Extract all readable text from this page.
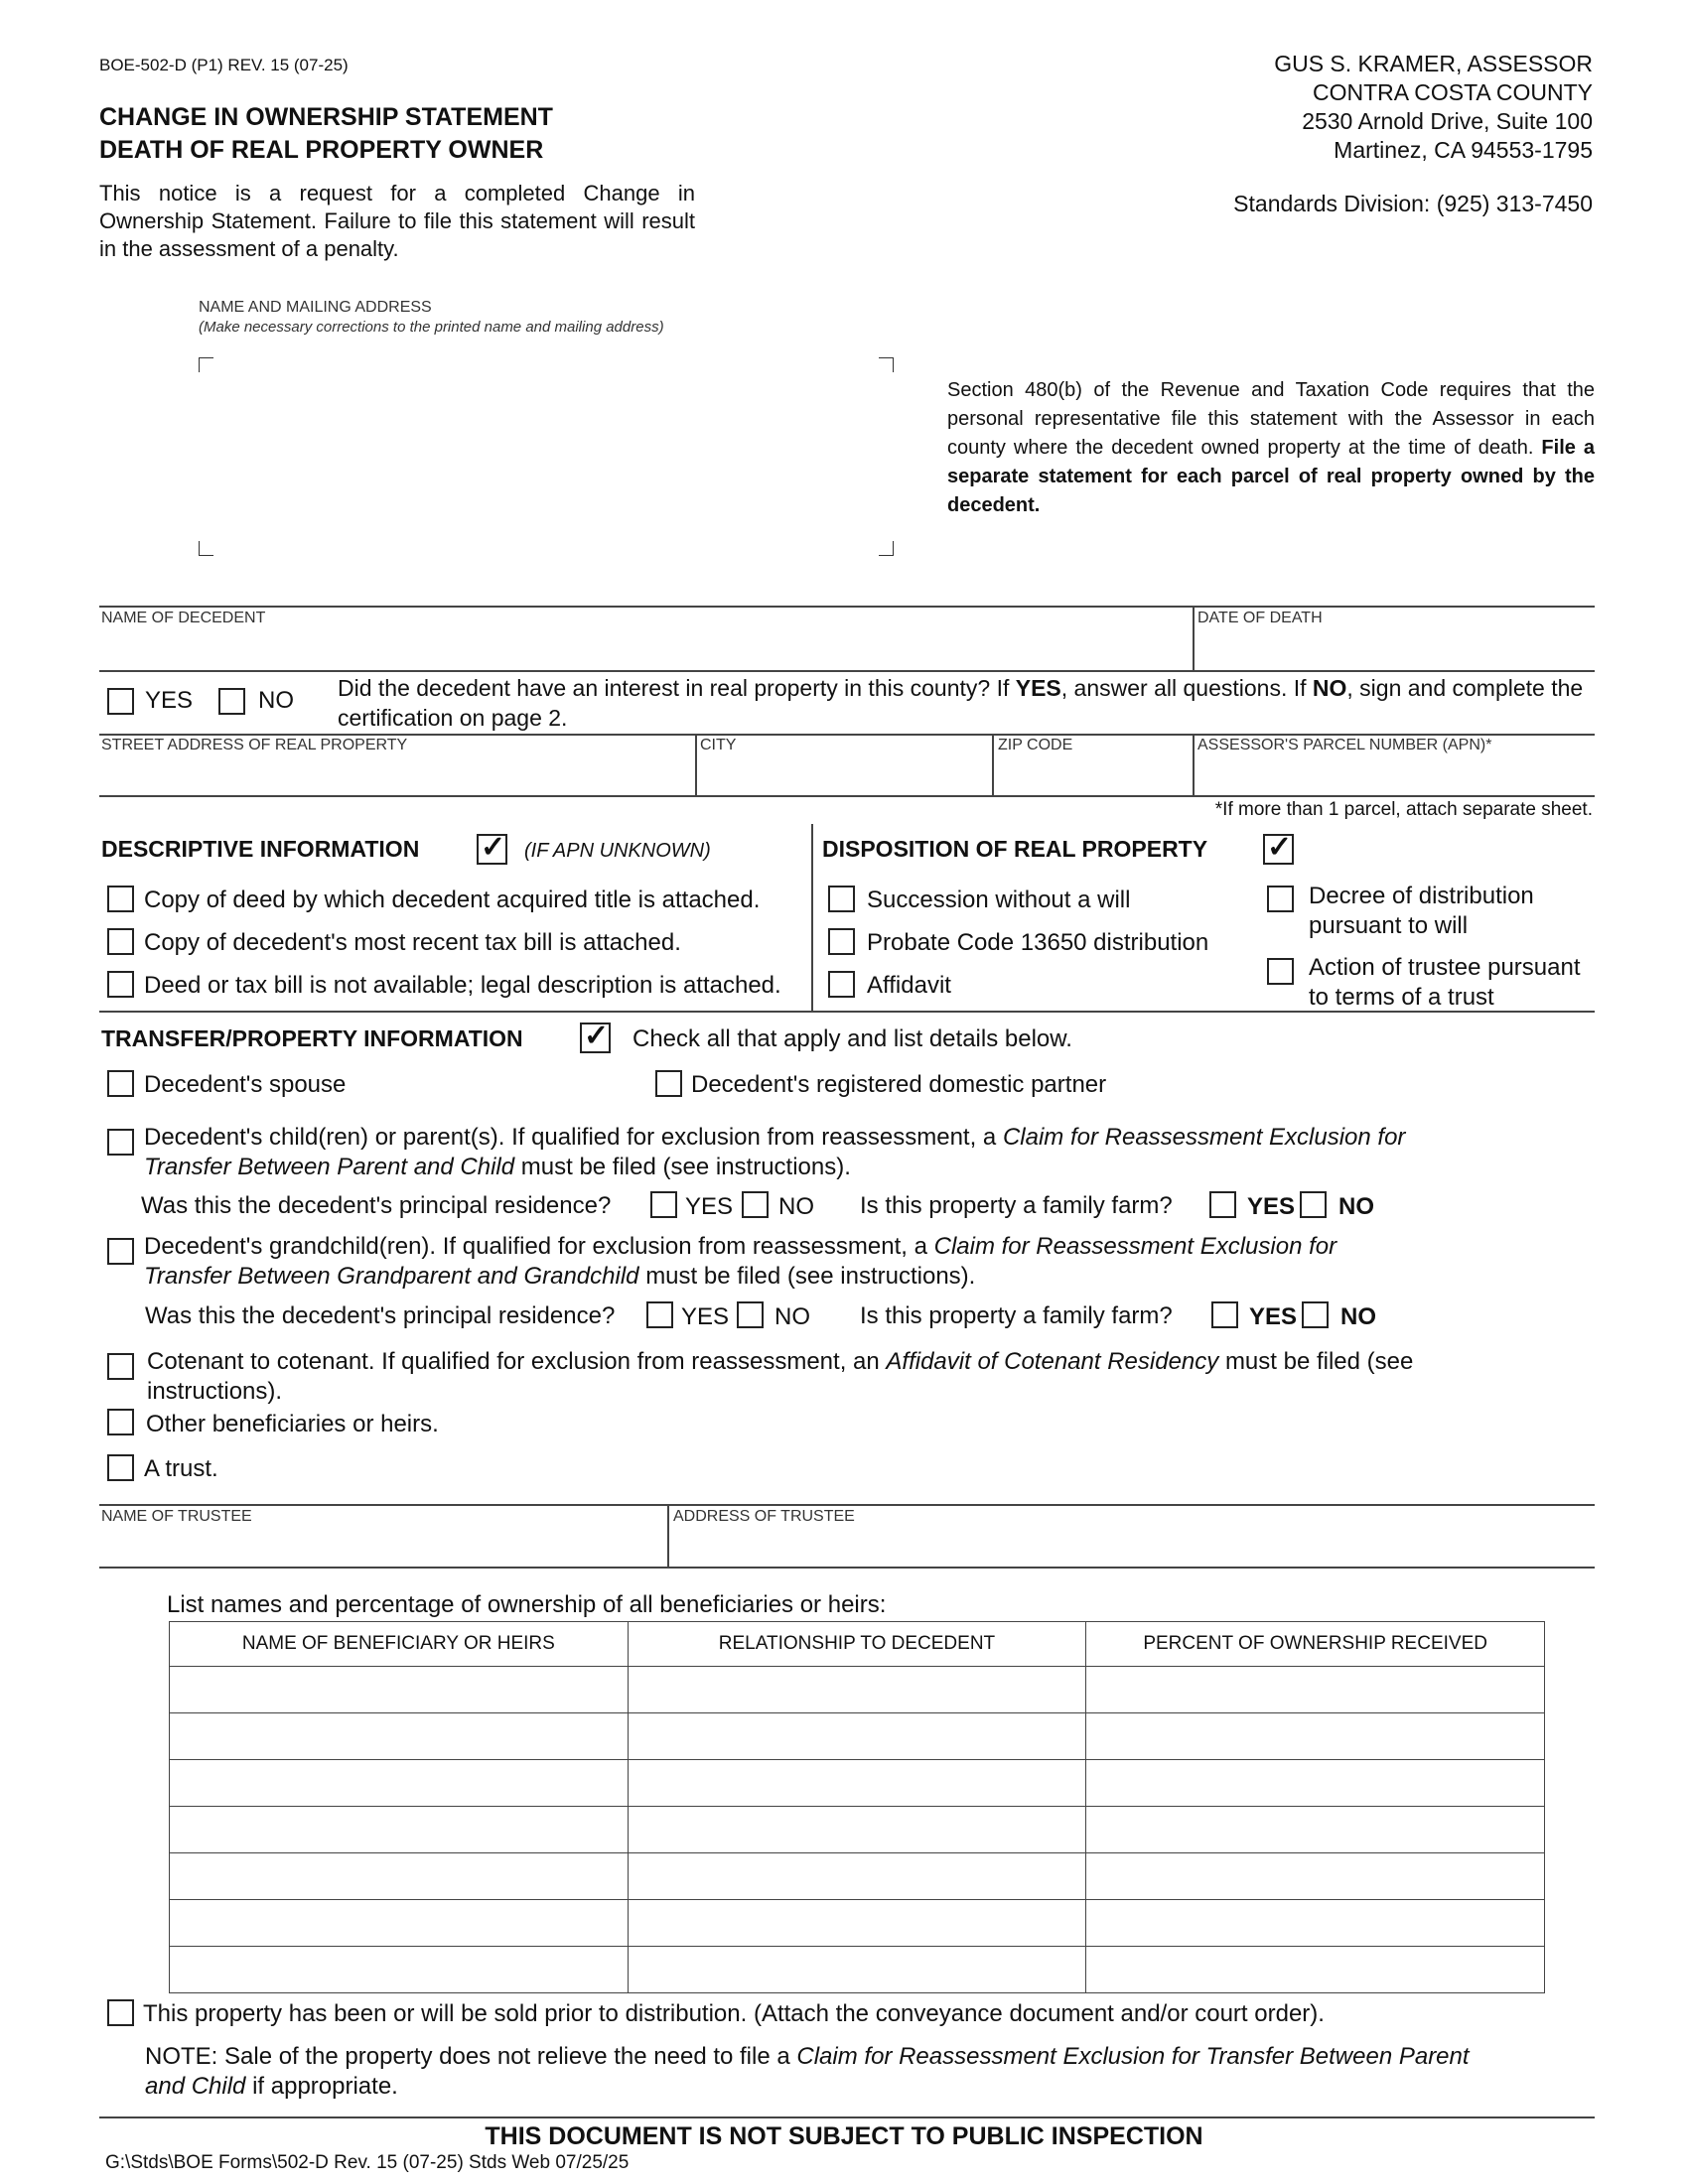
BOE-502-D (P1) REV. 15 (07-25)
CHANGE IN OWNERSHIP STATEMENT
DEATH OF REAL PROPERTY OWNER
This notice is a request for a completed Change in Ownership Statement. Failure to file this statement will result in the assessment of a penalty.
GUS S. KRAMER, ASSESSOR
CONTRA COSTA COUNTY
2530 Arnold Drive, Suite 100
Martinez, CA 94553-1795
Standards Division: (925) 313-7450
NAME AND MAILING ADDRESS
(Make necessary corrections to the printed name and mailing address)
Section 480(b) of the Revenue and Taxation Code requires that the personal representative file this statement with the Assessor in each county where the decedent owned property at the time of death. File a separate statement for each parcel of real property owned by the decedent.
NAME OF DECEDENT	DATE OF DEATH
YES	NO Did the decedent have an interest in real property in this county? If YES, answer all questions. If NO, sign and complete the certification on page 2.
STREET ADDRESS OF REAL PROPERTY	CITY	ZIP CODE	ASSESSOR'S PARCEL NUMBER (APN)*
*If more than 1 parcel, attach separate sheet.
DESCRIPTIVE INFORMATION ✓	(IF APN UNKNOWN)
Copy of deed by which decedent acquired title is attached.
Copy of decedent's most recent tax bill is attached.
Deed or tax bill is not available; legal description is attached.
DISPOSITION OF REAL PROPERTY
✓
Succession without a will
Probate Code 13650 distribution
Affidavit
Decree of distribution
pursuant to will
Action of trustee pursuant
to terms of a trust
TRANSFER/PROPERTY INFORMATION ✓	Check all that apply and list details below.
Decedent's spouse	Decedent's registered domestic partner
Decedent's child(ren) or parent(s). If qualified for exclusion from reassessment, a Claim for Reassessment Exclusion for
Transfer Between Parent and Child must be filed (see instructions).
Was this the decedent's principal residence?	YES NO Is this property a family farm?	YES NO
Decedent's grandchild(ren). If qualified for exclusion from reassessment, a Claim for Reassessment Exclusion for
Transfer Between Grandparent and Grandchild must be filed (see instructions).
Was this the decedent's principal residence?	YES NO Is this property a family farm?	YES NO
Cotenant to cotenant. If qualified for exclusion from reassessment, an Affidavit of Cotenant Residency must be filed (see
instructions).
Other beneficiaries or heirs.
A trust.
NAME OF TRUSTEE	ADDRESS OF TRUSTEE
List names and percentage of ownership of all beneficiaries or heirs:
NAME OF BENEFICIARY OR HEIRS	RELATIONSHIP TO DECEDENT	PERCENT OF OWNERSHIP RECEIVED

This property has been or will be sold prior to distribution. (Attach the conveyance document and/or court order).
NOTE: Sale of the property does not relieve the need to file a Claim for Reassessment Exclusion for Transfer Between Parent
and Child if appropriate.
THIS DOCUMENT IS NOT SUBJECT TO PUBLIC INSPECTION
G:\Stds\BOE Forms\502-D Rev. 15 (07-25) Stds Web 07/25/25
